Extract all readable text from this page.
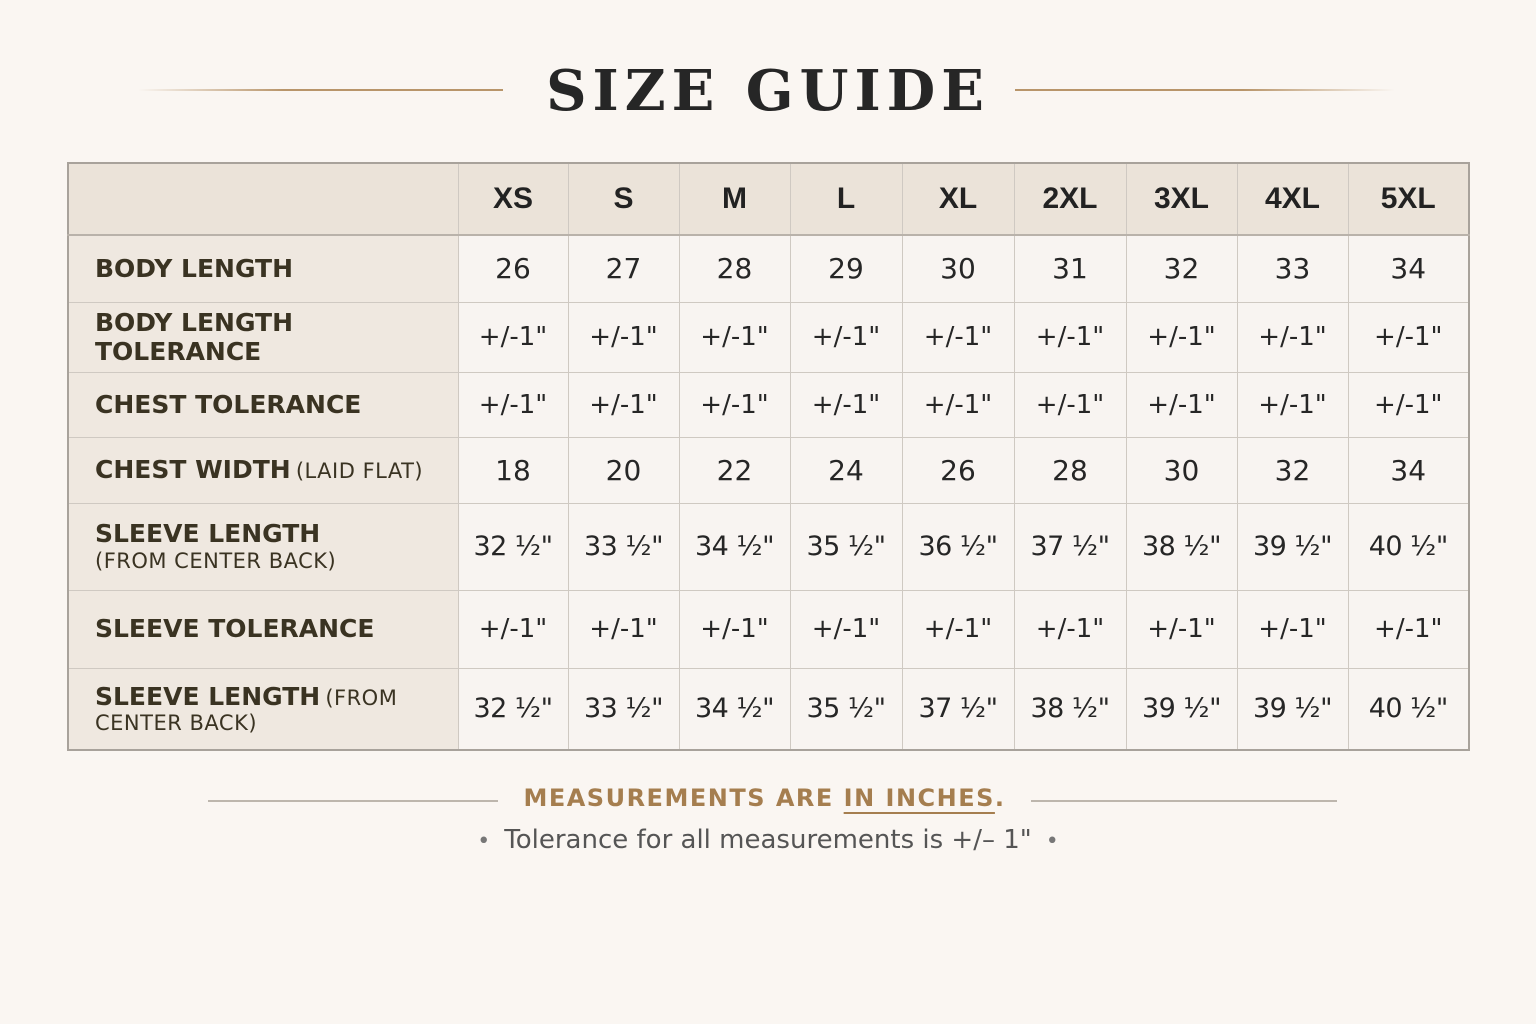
SIZE GUIDE
	XS	S	M	L	XL	2XL	3XL	4XL	5XL
BODY LENGTH	26	27	28	29	30	31	32	33	34
BODY LENGTH TOLERANCE	+/-1"	+/-1"	+/-1"	+/-1"	+/-1"	+/-1"	+/-1"	+/-1"	+/-1"
CHEST TOLERANCE	+/-1"	+/-1"	+/-1"	+/-1"	+/-1"	+/-1"	+/-1"	+/-1"	+/-1"
CHEST WIDTH (LAID FLAT)	18	20	22	24	26	28	30	32	34
SLEEVE LENGTH
(FROM CENTER BACK)	32 ½"	33 ½"	34 ½"	35 ½"	36 ½"	37 ½"	38 ½"	39 ½"	40 ½"
SLEEVE TOLERANCE	+/-1"	+/-1"	+/-1"	+/-1"	+/-1"	+/-1"	+/-1"	+/-1"	+/-1"
SLEEVE LENGTH (FROM CENTER BACK)	32 ½"	33 ½"	34 ½"	35 ½"	37 ½"	38 ½"	39 ½"	39 ½"	40 ½"
MEASUREMENTS ARE IN INCHES.
• Tolerance for all measurements is +/– 1" •
